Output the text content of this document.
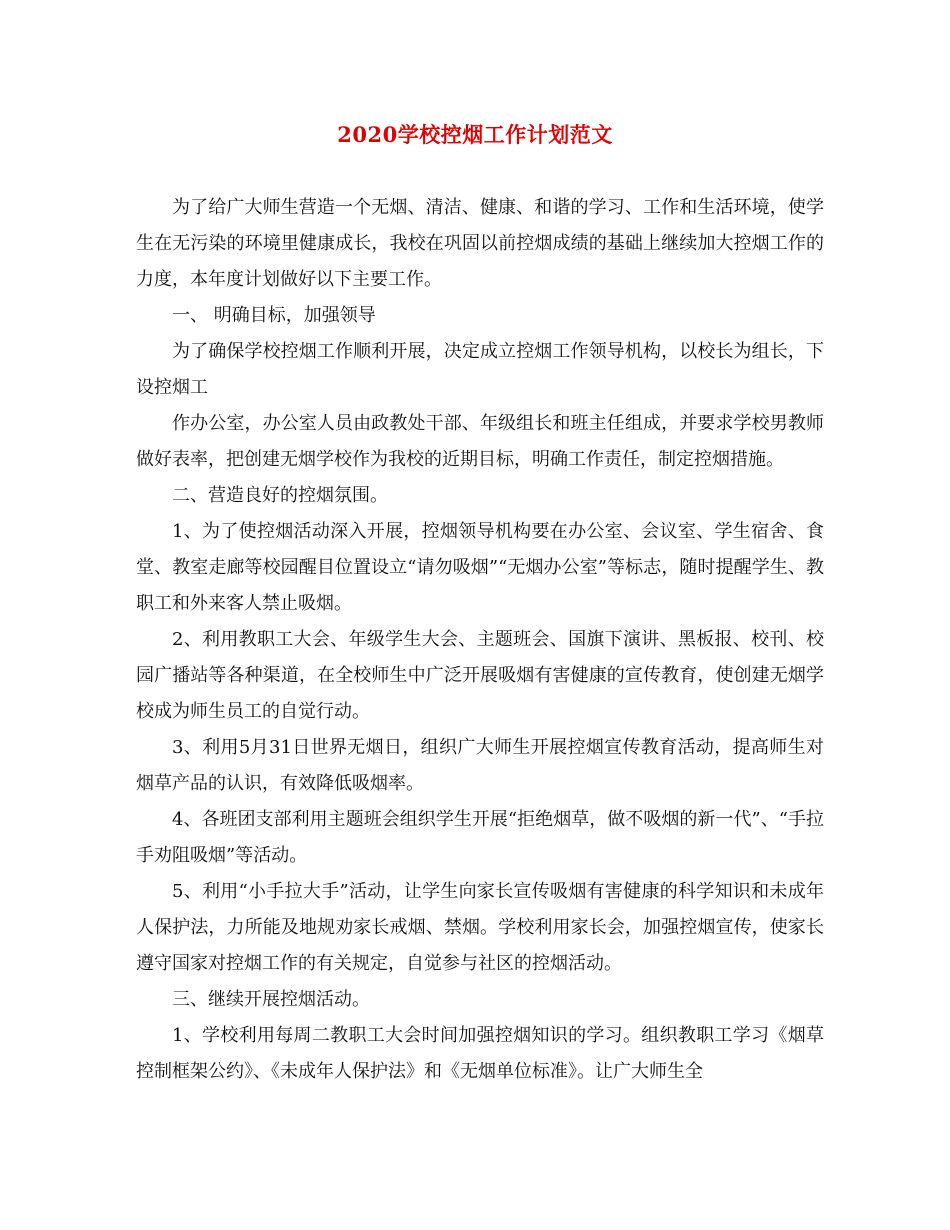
2020学校控烟工作计划范文

为了给广大师生营造一个无烟、清洁、健康、和谐的学习、工作和生活环境，使学生在无污染的环境里健康成长，我校在巩固以前控烟成绩的基础上继续加大控烟工作的力度，本年度计划做好以下主要工作。

一、 明确目标，加强领导

为了确保学校控烟工作顺利开展，决定成立控烟工作领导机构，以校长为组长，下设控烟工

作办公室，办公室人员由政教处干部、年级组长和班主任组成，并要求学校男教师做好表率，把创建无烟学校作为我校的近期目标，明确工作责任，制定控烟措施。

二、营造良好的控烟氛围。

1、为了使控烟活动深入开展，控烟领导机构要在办公室、会议室、学生宿舍、食堂、教室走廊等校园醒目位置设立“请勿吸烟”“无烟办公室”等标志，随时提醒学生、教职工和外来客人禁止吸烟。

2、利用教职工大会、年级学生大会、主题班会、国旗下演讲、黑板报、校刊、校园广播站等各种渠道，在全校师生中广泛开展吸烟有害健康的宣传教育，使创建无烟学校成为师生员工的自觉行动。

3、利用5月31日世界无烟日，组织广大师生开展控烟宣传教育活动，提高师生对烟草产品的认识，有效降低吸烟率。

4、各班团支部利用主题班会组织学生开展“拒绝烟草，做不吸烟的新一代”、“手拉手劝阻吸烟”等活动。

5、利用“小手拉大手”活动，让学生向家长宣传吸烟有害健康的科学知识和未成年人保护法，力所能及地规劝家长戒烟、禁烟。学校利用家长会，加强控烟宣传，使家长遵守国家对控烟工作的有关规定，自觉参与社区的控烟活动。

三、继续开展控烟活动。

1、学校利用每周二教职工大会时间加强控烟知识的学习。组织教职工学习《烟草控制框架公约》、《未成年人保护法》和《无烟单位标准》。让广大师生全
